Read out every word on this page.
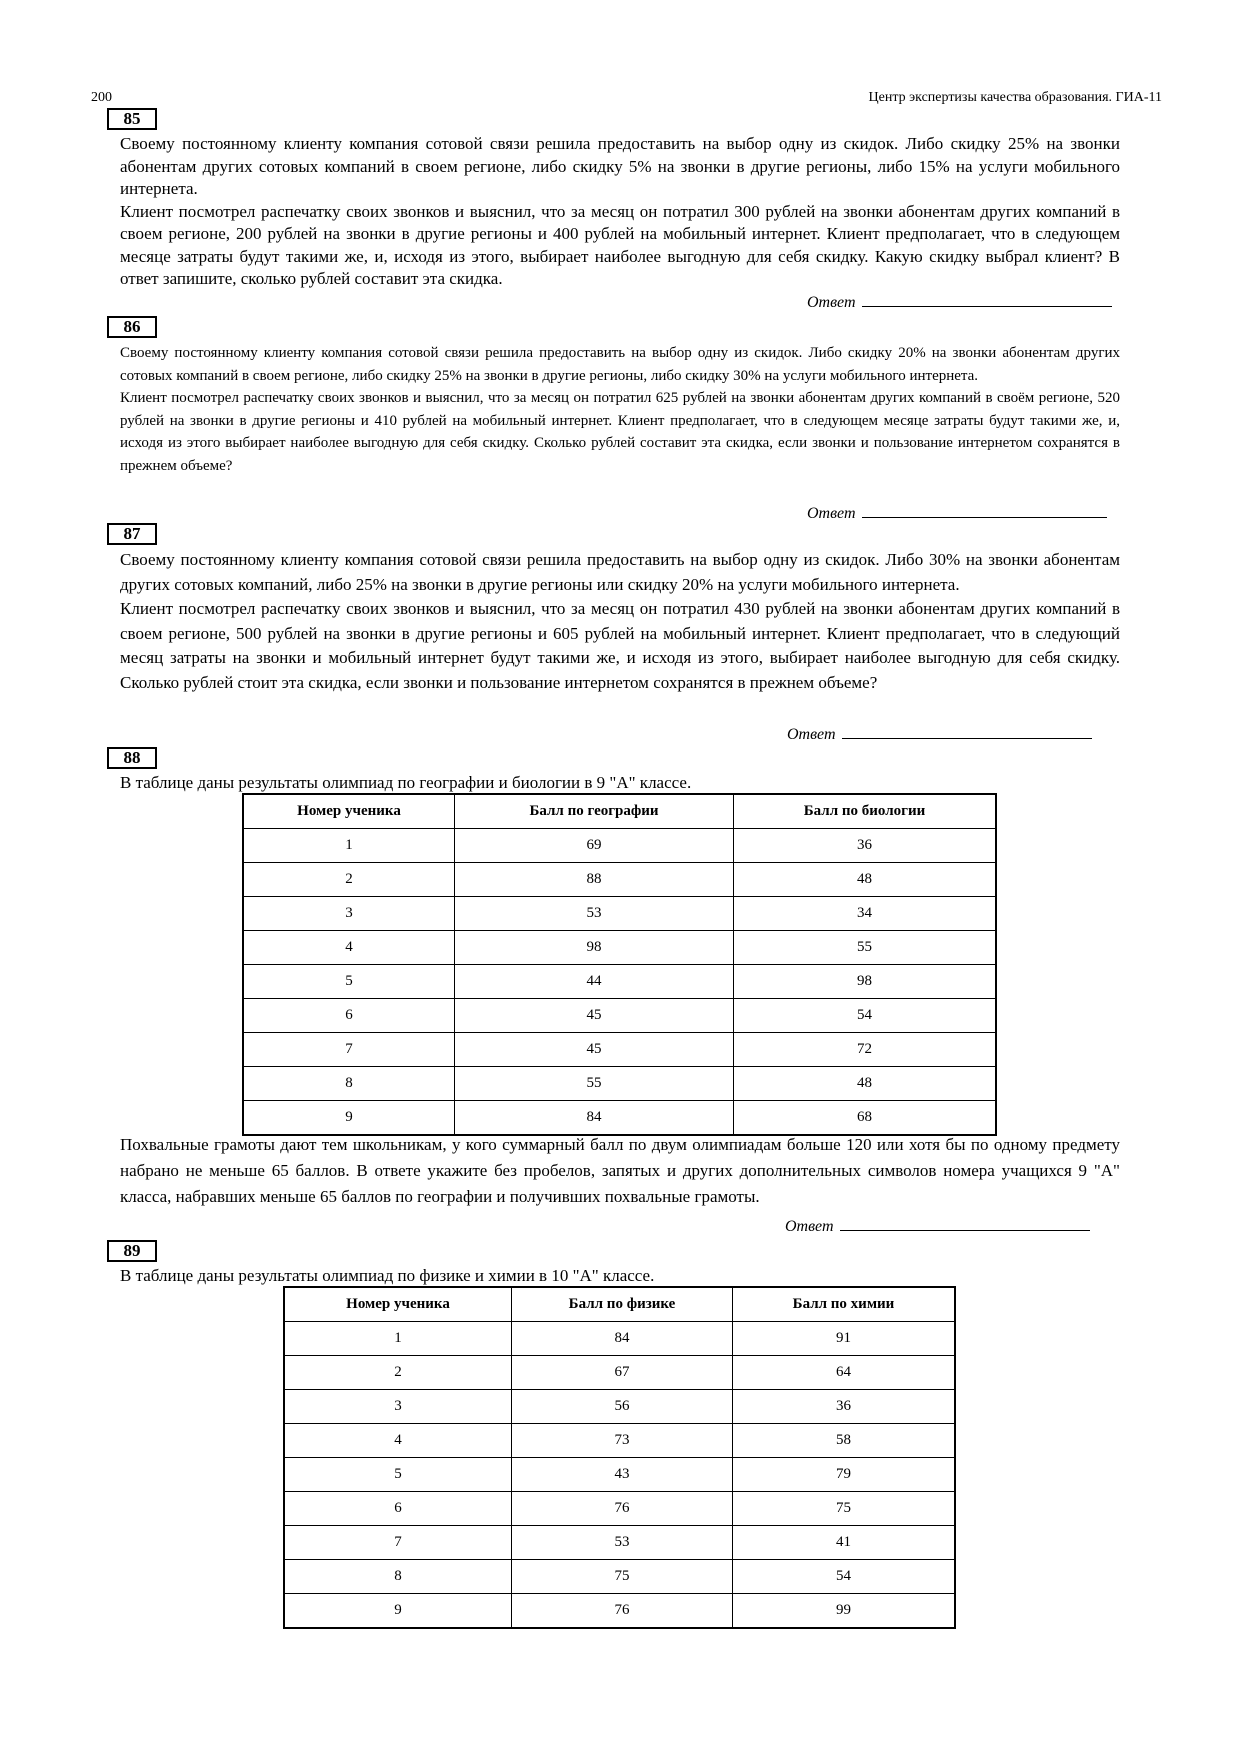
200	Центр экспертизы качества образования. ГИА-11
85

Своему постоянному клиенту компания сотовой связи решила предоставить на выбор одну из скидок. Либо скидку 25% на звонки абонентам других сотовых компаний в своем регионе, либо скидку 5% на звонки в другие регионы, либо 15% на услуги мобильного интернета.

Клиент посмотрел распечатку своих звонков и выяснил, что за месяц он потратил 300 рублей на звонки абонентам других компаний в своем регионе, 200 рублей на звонки в другие регионы и 400 рублей на мобильный интернет. Клиент предполагает, что в следующем месяце затраты будут такими же, и, исходя из этого, выбирает наиболее выгодную для себя скидку. Какую скидку выбрал клиент? В ответ запишите, сколько рублей составит эта скидка.

Ответ
86

Своему постоянному клиенту компания сотовой связи решила предоставить на выбор одну из скидок. Либо скидку 20% на звонки абонентам других сотовых компаний в своем регионе, либо скидку 25% на звонки в другие регионы, либо скидку 30% на услуги мобильного интернета.

Клиент посмотрел распечатку своих звонков и выяснил, что за месяц он потратил 625 рублей на звонки абонентам других компаний в своём регионе, 520 рублей на звонки в другие регионы и 410 рублей на мобильный интернет. Клиент предполагает, что в следующем месяце затраты будут такими же, и, исходя из этого выбирает наиболее выгодную для себя скидку. Сколько рублей составит эта скидка, если звонки и пользование интернетом сохранятся в прежнем объеме?

Ответ
87

Своему постоянному клиенту компания сотовой связи решила предоставить на выбор одну из скидок. Либо 30% на звонки абонентам других сотовых компаний, либо 25% на звонки в другие регионы или скидку 20% на услуги мобильного интернета.

Клиент посмотрел распечатку своих звонков и выяснил, что за месяц он потратил 430 рублей на звонки абонентам других компаний в своем регионе, 500 рублей на звонки в другие регионы и 605 рублей на мобильный интернет. Клиент предполагает, что в следующий месяц затраты на звонки и мобильный интернет будут такими же, и исходя из этого, выбирает наиболее выгодную для себя скидку. Сколько рублей стоит эта скидка, если звонки и пользование интернетом сохранятся в прежнем объеме?

Ответ
88
В таблице даны результаты олимпиад по географии и биологии в 9 "А" классе.
Номер ученика	Балл по географии	Балл по биологии
1	69	36
2	88	48
3	53	34
4	98	55
5	44	98
6	45	54
7	45	72
8	55	48
9	84	68

Похвальные грамоты дают тем школьникам, у кого суммарный балл по двум олимпиадам больше 120 или хотя бы по одному предмету набрано не меньше 65 баллов. В ответе укажите без пробелов, запятых и других дополнительных символов номера учащихся 9 "А" класса, набравших меньше 65 баллов по географии и получивших похвальные грамоты.

Ответ
89
В таблице даны результаты олимпиад по физике и химии в 10 "А" классе.
Номер ученика	Балл по физике	Балл по химии
1	84	91
2	67	64
3	56	36
4	73	58
5	43	79
6	76	75
7	53	41
8	75	54
9	76	99
